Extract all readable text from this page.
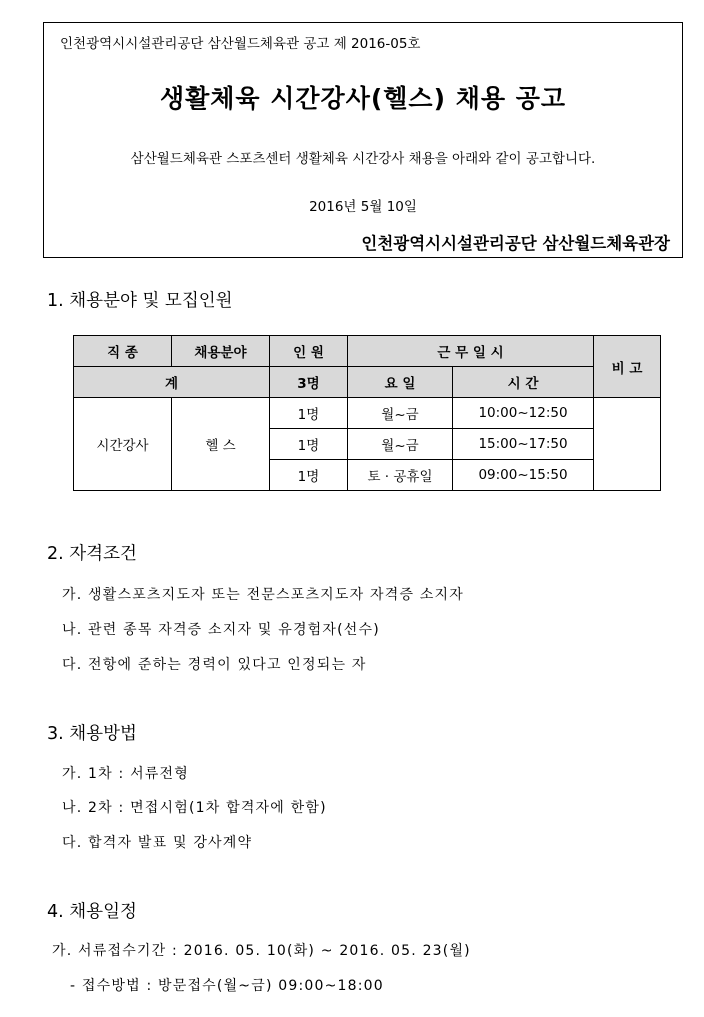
인천광역시시설관리공단 삼산월드체육관 공고 제 2016-05호
생활체육 시간강사(헬스) 채용 공고
삼산월드체육관 스포츠센터 생활체육 시간강사 채용을 아래와 같이 공고합니다.
2016년 5월 10일
인천광역시시설관리공단 삼산월드체육관장
1. 채용분야 및 모집인원
직 종	채용분야	인 원	근 무 일 시		비 고
계		3명	요 일	시 간	
시간강사	헬 스	1명	월~금	10:00~12:50	
		1명	월~금	15:00~17:50	
		1명	토 · 공휴일	09:00~15:50	
2. 자격조건
가. 생활스포츠지도자 또는 전문스포츠지도자 자격증 소지자
나. 관련 종목 자격증 소지자 및 유경험자(선수)
다. 전항에 준하는 경력이 있다고 인정되는 자
3. 채용방법
가. 1차 : 서류전형
나. 2차 : 면접시험(1차 합격자에 한함)
다. 합격자 발표 및 강사계약
4. 채용일정
가. 서류접수기간 : 2016. 05. 10(화) ~ 2016. 05. 23(월)
- 접수방법 : 방문접수(월~금) 09:00~18:00
